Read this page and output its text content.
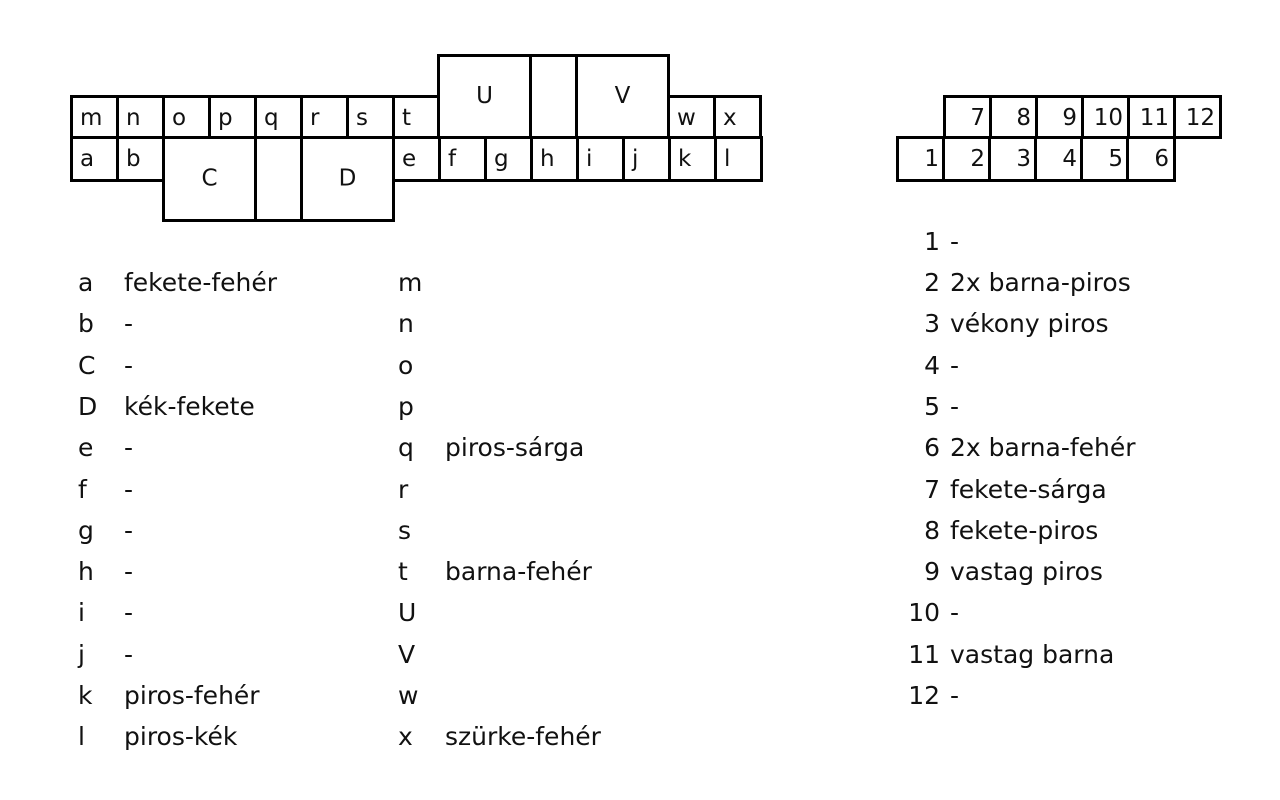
m n o p q r s t
U	V
w x
a b
C	D
e f g h i j k l
7 8 9 10 11 12
1 2 3 4 5 6
a fekete-fehér
b -
C -
D kék-fekete
e -
f -
g -
h -
i -
j -
k piros-fehér
l piros-kék
m
n
o
p
q piros-sárga
r
s
t barna-fehér
U
V
w
x szürke-fehér
1 -
2 2x barna-piros
3 vékony piros
4 -
5 -
6 2x barna-fehér
7 fekete-sárga
8 fekete-piros
9 vastag piros
10 -
11 vastag barna
12 -
